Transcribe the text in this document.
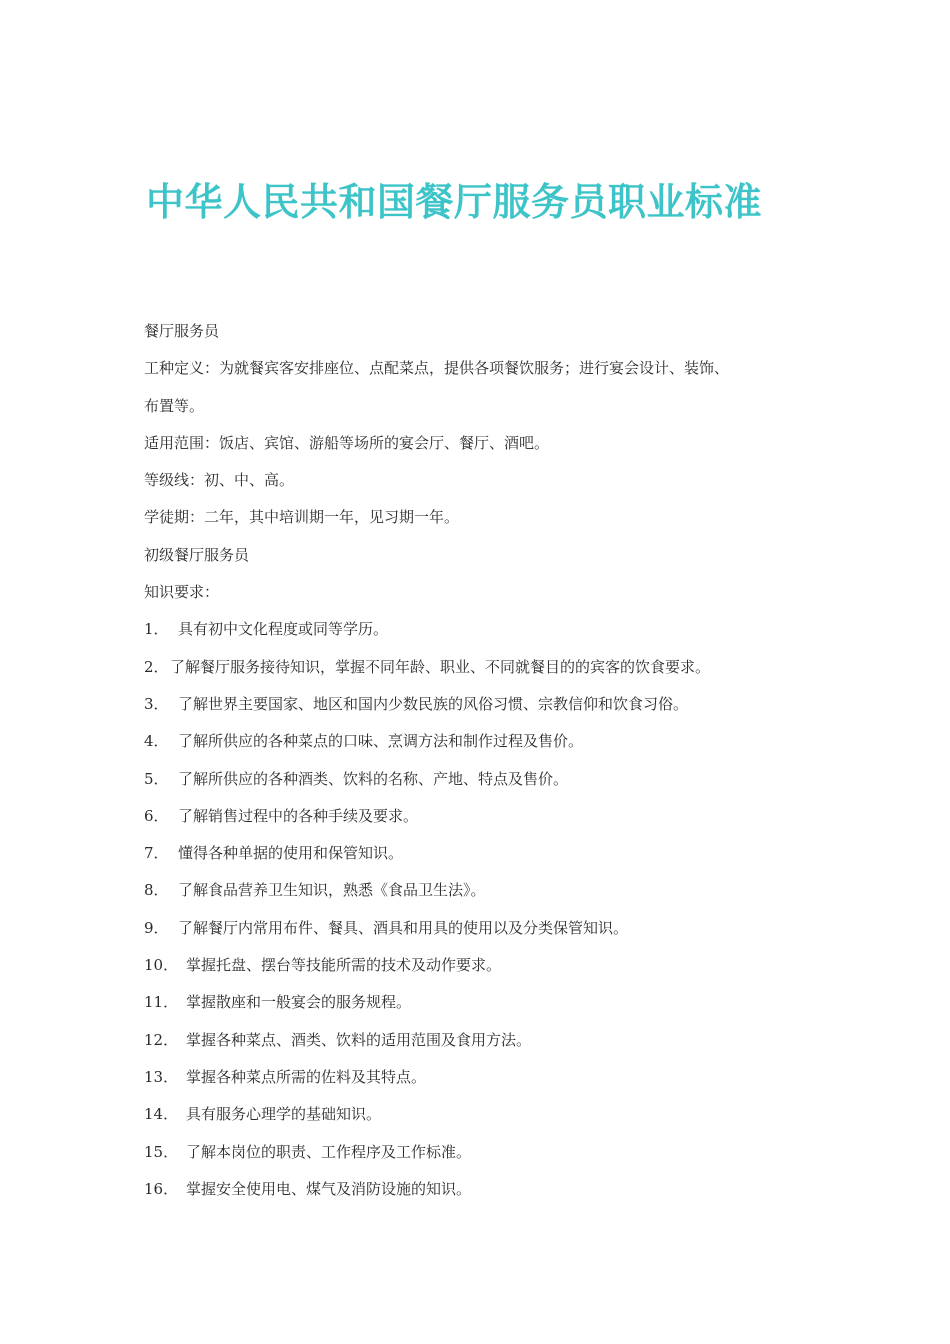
中华人民共和国餐厅服务员职业标准
餐厅服务员
工种定义：为就餐宾客安排座位、点配菜点，提供各项餐饮服务；进行宴会设计、装饰、
布置等。
适用范围：饭店、宾馆、游船等场所的宴会厅、餐厅、酒吧。
等级线：初、中、高。
学徒期：二年，其中培训期一年，见习期一年。
初级餐厅服务员
知识要求：
1． 具有初中文化程度或同等学历。
2．了解餐厅服务接待知识，掌握不同年龄、职业、不同就餐目的的宾客的饮食要求。
3． 了解世界主要国家、地区和国内少数民族的风俗习惯、宗教信仰和饮食习俗。
4． 了解所供应的各种菜点的口味、烹调方法和制作过程及售价。
5． 了解所供应的各种酒类、饮料的名称、产地、特点及售价。
6． 了解销售过程中的各种手续及要求。
7． 懂得各种单据的使用和保管知识。
8． 了解食品营养卫生知识，熟悉《食品卫生法》。
9． 了解餐厅内常用布件、餐具、酒具和用具的使用以及分类保管知识。
10． 掌握托盘、摆台等技能所需的技术及动作要求。
11． 掌握散座和一般宴会的服务规程。
12． 掌握各种菜点、酒类、饮料的适用范围及食用方法。
13． 掌握各种菜点所需的佐料及其特点。
14． 具有服务心理学的基础知识。
15． 了解本岗位的职责、工作程序及工作标准。
16． 掌握安全使用电、煤气及消防设施的知识。
